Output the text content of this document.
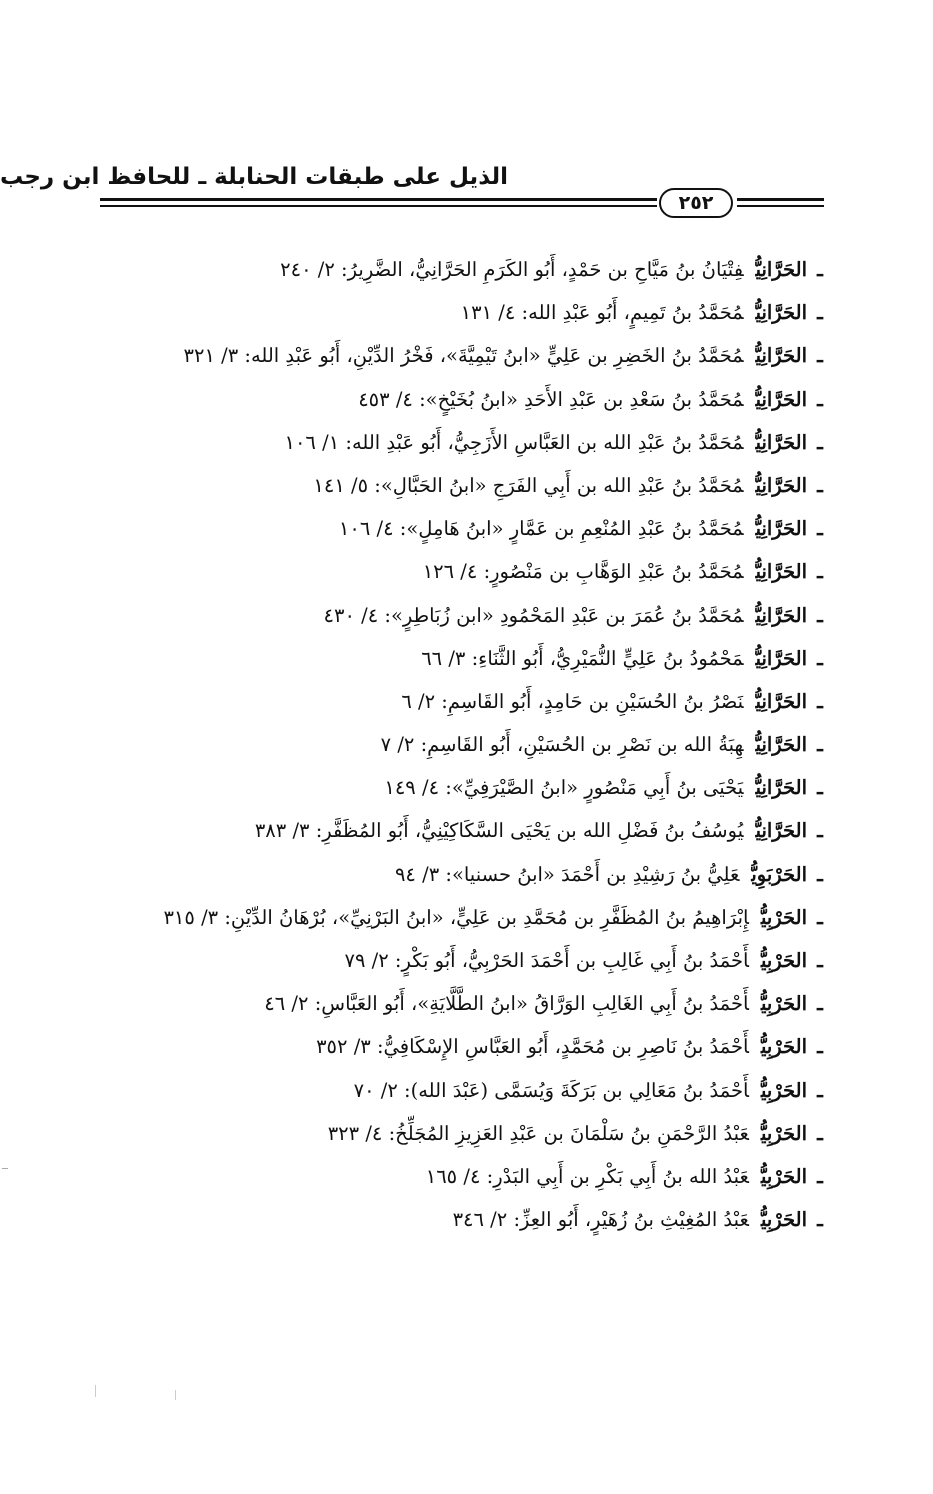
الذيل على طبقات الحنابلة ـ للحافظ ابن رجب
٢٥٢
ـالحَرَّانِيُّفِتْيَانُ بنُ مَيَّاحِ بن حَمْدٍ، أَبُو الكَرَمِ الحَرَّانِيُّ، الضَّرِيرُ: ٢/ ٢٤٠
ـالحَرَّانِيُّمُحَمَّدُ بنُ تَمِيمٍ، أَبُو عَبْدِ الله: ٤/ ١٣١
ـالحَرَّانِيُّمُحَمَّدُ بنُ الخَضِرِ بن عَلِيٍّ «ابنُ تَيْمِيَّةَ»، فَخْرُ الدِّيْنِ، أَبُو عَبْدِ الله: ٣/ ٣٢١
ـالحَرَّانِيُّمُحَمَّدُ بنُ سَعْدِ بن عَبْدِ الأَحَدِ «ابنُ بُخَيْخٍ»: ٤/ ٤٥٣
ـالحَرَّانِيُّمُحَمَّدُ بنُ عَبْدِ الله بن العَبَّاسِ الأَزَجِيُّ، أَبُو عَبْدِ الله: ١/ ١٠٦
ـالحَرَّانِيُّمُحَمَّدُ بنُ عَبْدِ الله بن أَبِي الفَرَجِ «ابنُ الحَبَّالِ»: ٥/ ١٤١
ـالحَرَّانِيُّمُحَمَّدُ بنُ عَبْدِ المُنْعِمِ بن عَمَّارٍ «ابنُ هَامِلٍ»: ٤/ ١٠٦
ـالحَرَّانِيُّمُحَمَّدُ بنُ عَبْدِ الوَهَّابِ بن مَنْصُورٍ: ٤/ ١٢٦
ـالحَرَّانِيُّمُحَمَّدُ بنُ عُمَرَ بن عَبْدِ المَحْمُودِ «ابن زُبَاطِرٍ»: ٤/ ٤٣٠
ـالحَرَّانِيُّمَحْمُودُ بنُ عَلِيٍّ النُّمَيْرِيُّ، أَبُو الثَّنَاءِ: ٣/ ٦٦
ـالحَرَّانِيُّنَصْرُ بنُ الحُسَيْنِ بن حَامِدٍ، أَبُو القَاسِمِ: ٢/ ٦
ـالحَرَّانِيُّهِبَةُ الله بن نَصْرِ بن الحُسَيْنِ، أَبُو القَاسِمِ: ٢/ ٧
ـالحَرَّانِيُّيَحْيَى بنُ أَبِي مَنْصُورٍ «ابنُ الصَّيْرَفِيِّ»: ٤/ ١٤٩
ـالحَرَّانِيُّيُوسُفُ بنُ فَضْلِ الله بن يَحْيَى السَّكَاكِيْنِيُّ، أَبُو المُظَفَّرِ: ٣/ ٣٨٣
ـالحَرْبَوِيُّعَلِيُّ بنُ رَشِيْدِ بن أَحْمَدَ «ابنُ حسنيا»: ٣/ ٩٤
ـالحَرْبِيُّإِبْرَاهِيمُ بنُ المُظَفَّرِ بن مُحَمَّدِ بن عَلِيٍّ، «ابنُ البَرْنِيِّ»، بُرْهَانُ الدِّيْنِ: ٣/ ٣١٥
ـالحَرْبِيُّأَحْمَدُ بنُ أَبِي غَالِبِ بن أَحْمَدَ الحَرْبِيُّ، أَبُو بَكْرٍ: ٢/ ٧٩
ـالحَرْبِيُّأَحْمَدُ بنُ أَبِي الغَالِبِ الوَرَّاقُ «ابنُ الطَّلَّايَةِ»، أَبُو العَبَّاسِ: ٢/ ٤٦
ـالحَرْبِيُّأَحْمَدُ بنُ نَاصِرِ بن مُحَمَّدٍ، أَبُو العَبَّاسِ الإِسْكَافِيُّ: ٣/ ٣٥٢
ـالحَرْبِيُّأَحْمَدُ بنُ مَعَالِي بن بَرَكَةَ وَيُسَمَّى (عَبْدَ الله): ٢/ ٧٠
ـالحَرْبِيُّعَبْدُ الرَّحْمَنِ بنُ سَلْمَانَ بن عَبْدِ العَزِيزِ المُجَلِّخُ: ٤/ ٣٢٣
ـالحَرْبِيُّعَبْدُ الله بنُ أَبِي بَكْرِ بن أَبِي البَدْرِ: ٤/ ١٦٥
ـالحَرْبِيُّعَبْدُ المُغِيْثِ بنُ زُهَيْرٍ، أَبُو العِزِّ: ٢/ ٣٤٦
